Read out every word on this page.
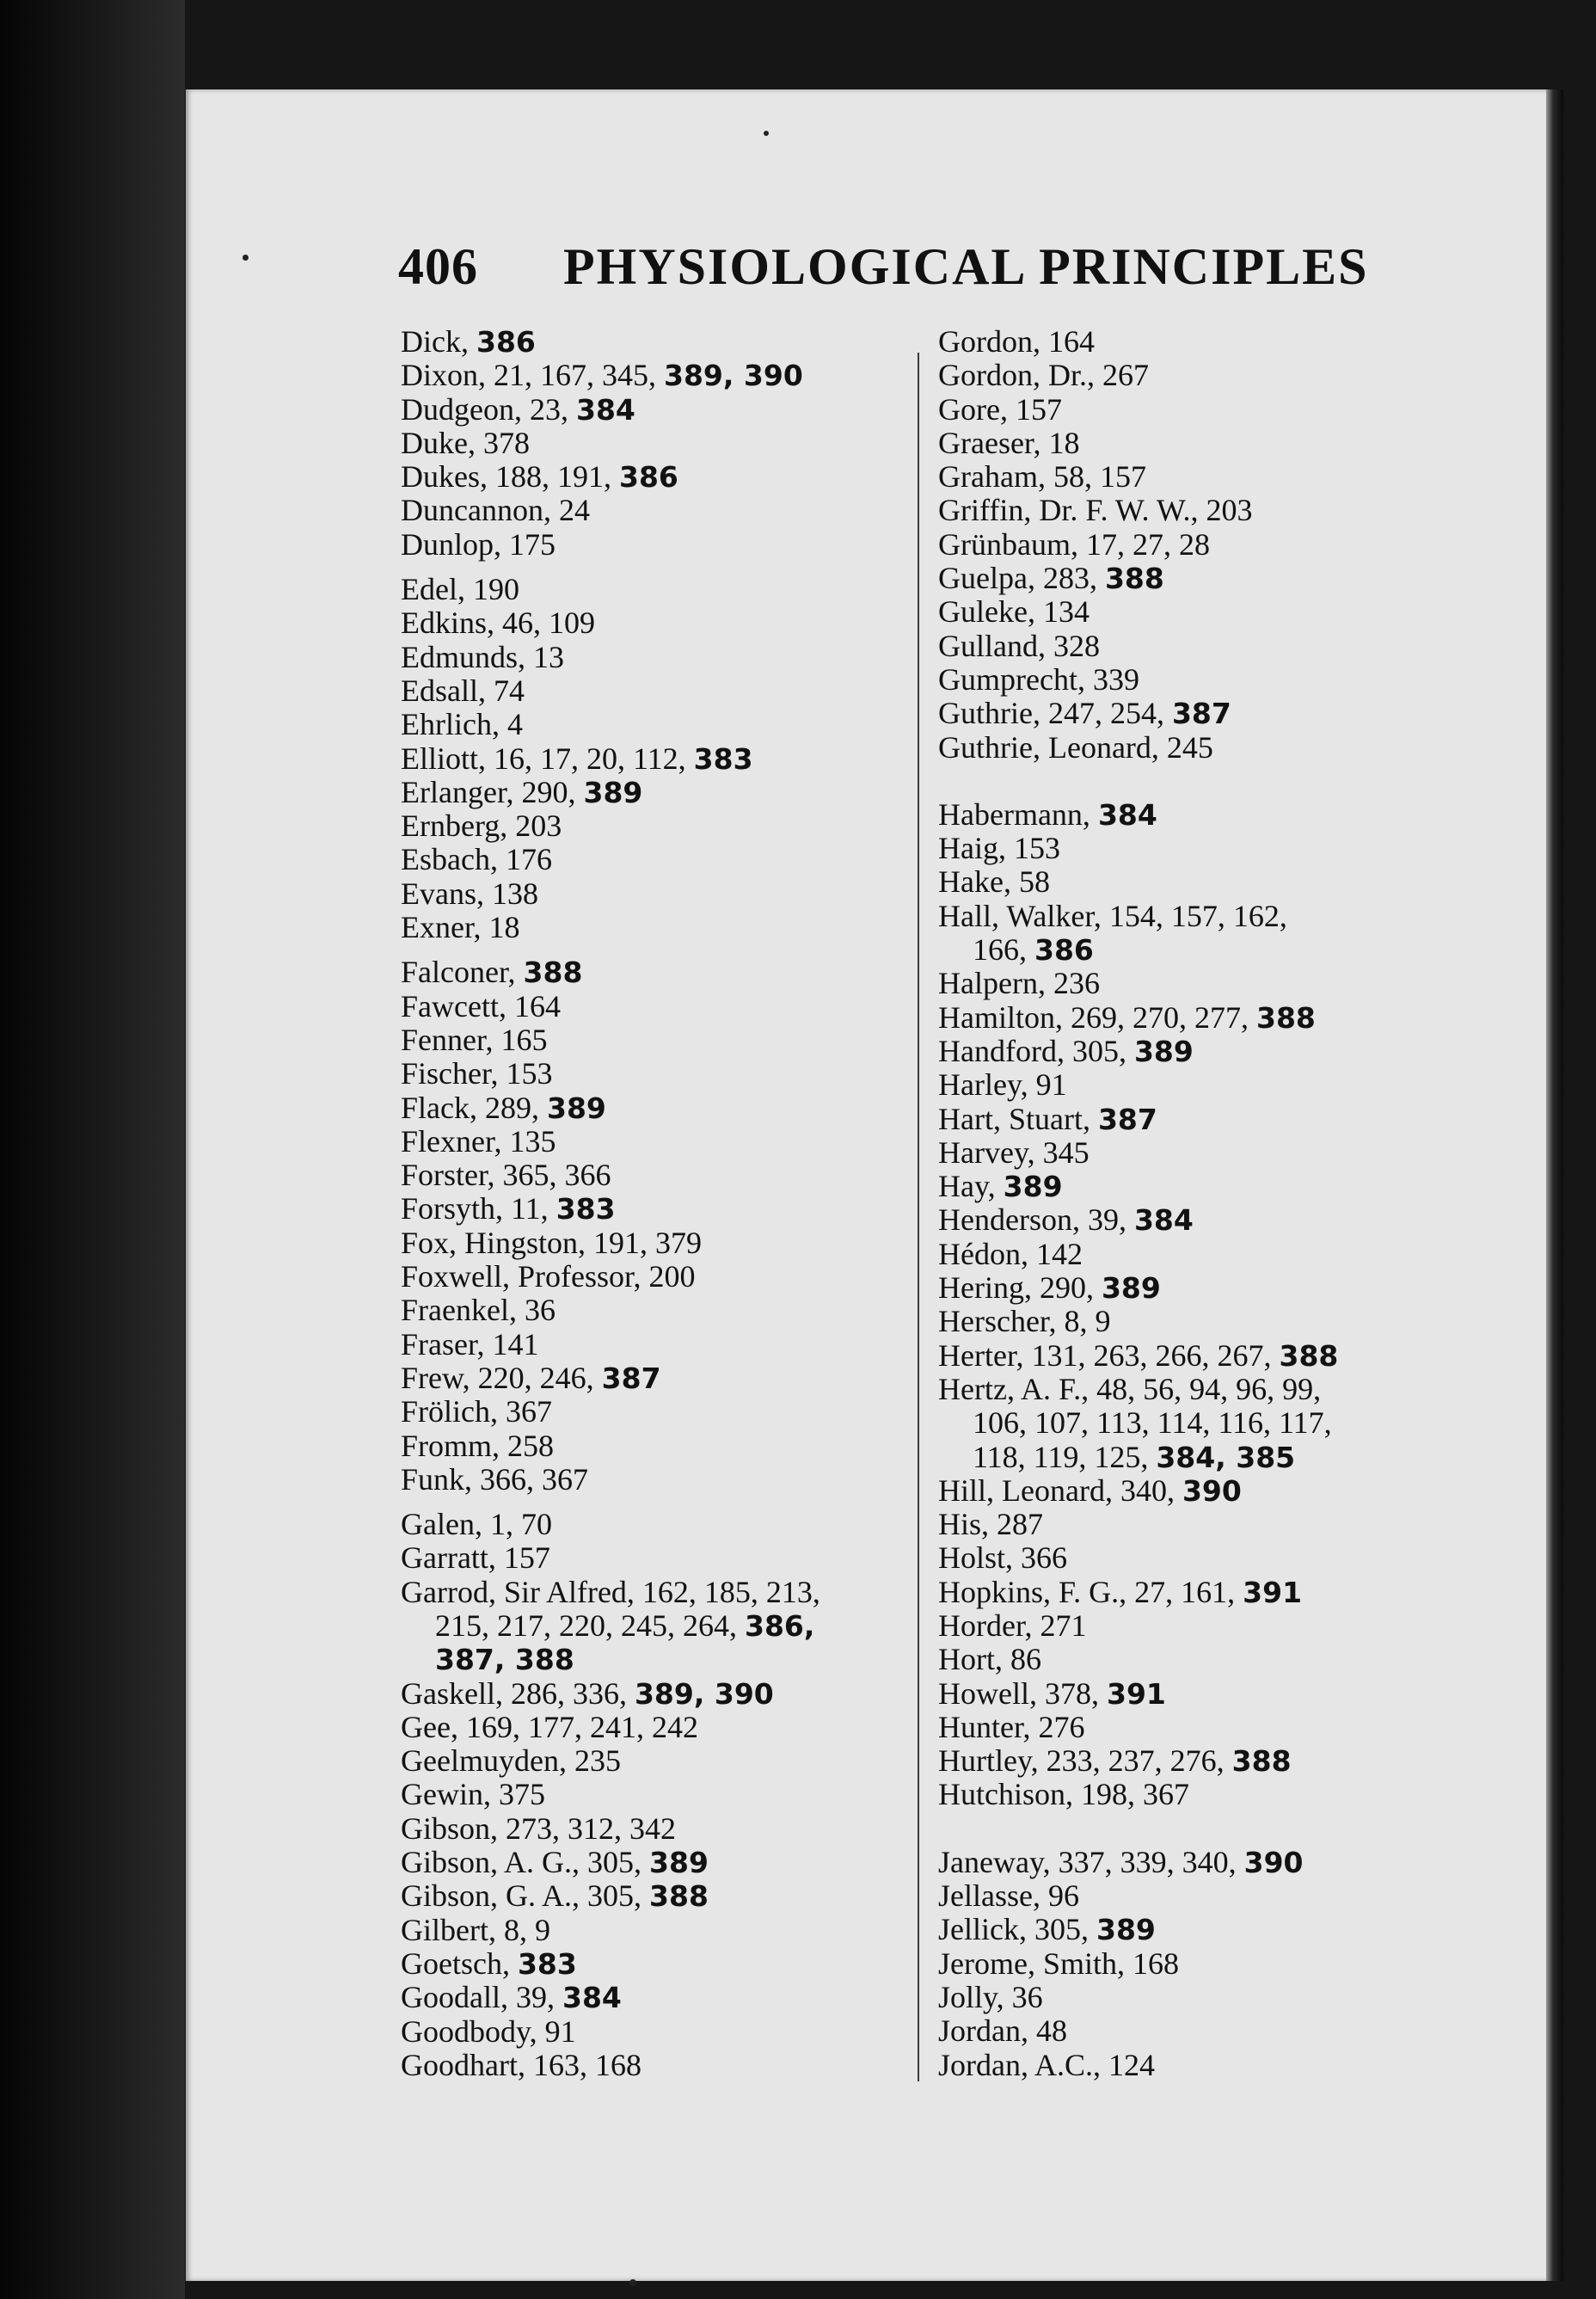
406 PHYSIOLOGICAL PRINCIPLES
Dick, 386
Dixon, 21, 167, 345, 389, 390
Dudgeon, 23, 384
Duke, 378
Dukes, 188, 191, 386
Duncannon, 24
Dunlop, 175
Edel, 190
Edkins, 46, 109
Edmunds, 13
Edsall, 74
Ehrlich, 4
Elliott, 16, 17, 20, 112, 383
Erlanger, 290, 389
Ernberg, 203
Esbach, 176
Evans, 138
Exner, 18
Falconer, 388
Fawcett, 164
Fenner, 165
Fischer, 153
Flack, 289, 389
Flexner, 135
Forster, 365, 366
Forsyth, 11, 383
Fox, Hingston, 191, 379
Foxwell, Professor, 200
Fraenkel, 36
Fraser, 141
Frew, 220, 246, 387
Frölich, 367
Fromm, 258
Funk, 366, 367
Galen, 1, 70
Garratt, 157
Garrod, Sir Alfred, 162, 185, 213,
215, 217, 220, 245, 264, 386,
387, 388
Gaskell, 286, 336, 389, 390
Gee, 169, 177, 241, 242
Geelmuyden, 235
Gewin, 375
Gibson, 273, 312, 342
Gibson, A. G., 305, 389
Gibson, G. A., 305, 388
Gilbert, 8, 9
Goetsch, 383
Goodall, 39, 384
Goodbody, 91
Goodhart, 163, 168
Gordon, 164
Gordon, Dr., 267
Gore, 157
Graeser, 18
Graham, 58, 157
Griffin, Dr. F. W. W., 203
Grünbaum, 17, 27, 28
Guelpa, 283, 388
Guleke, 134
Gulland, 328
Gumprecht, 339
Guthrie, 247, 254, 387
Guthrie, Leonard, 245
Habermann, 384
Haig, 153
Hake, 58
Hall, Walker, 154, 157, 162,
166, 386
Halpern, 236
Hamilton, 269, 270, 277, 388
Handford, 305, 389
Harley, 91
Hart, Stuart, 387
Harvey, 345
Hay, 389
Henderson, 39, 384
Hédon, 142
Hering, 290, 389
Herscher, 8, 9
Herter, 131, 263, 266, 267, 388
Hertz, A. F., 48, 56, 94, 96, 99,
106, 107, 113, 114, 116, 117,
118, 119, 125, 384, 385
Hill, Leonard, 340, 390
His, 287
Holst, 366
Hopkins, F. G., 27, 161, 391
Horder, 271
Hort, 86
Howell, 378, 391
Hunter, 276
Hurtley, 233, 237, 276, 388
Hutchison, 198, 367
Janeway, 337, 339, 340, 390
Jellasse, 96
Jellick, 305, 389
Jerome, Smith, 168
Jolly, 36
Jordan, 48
Jordan, A.C., 124
